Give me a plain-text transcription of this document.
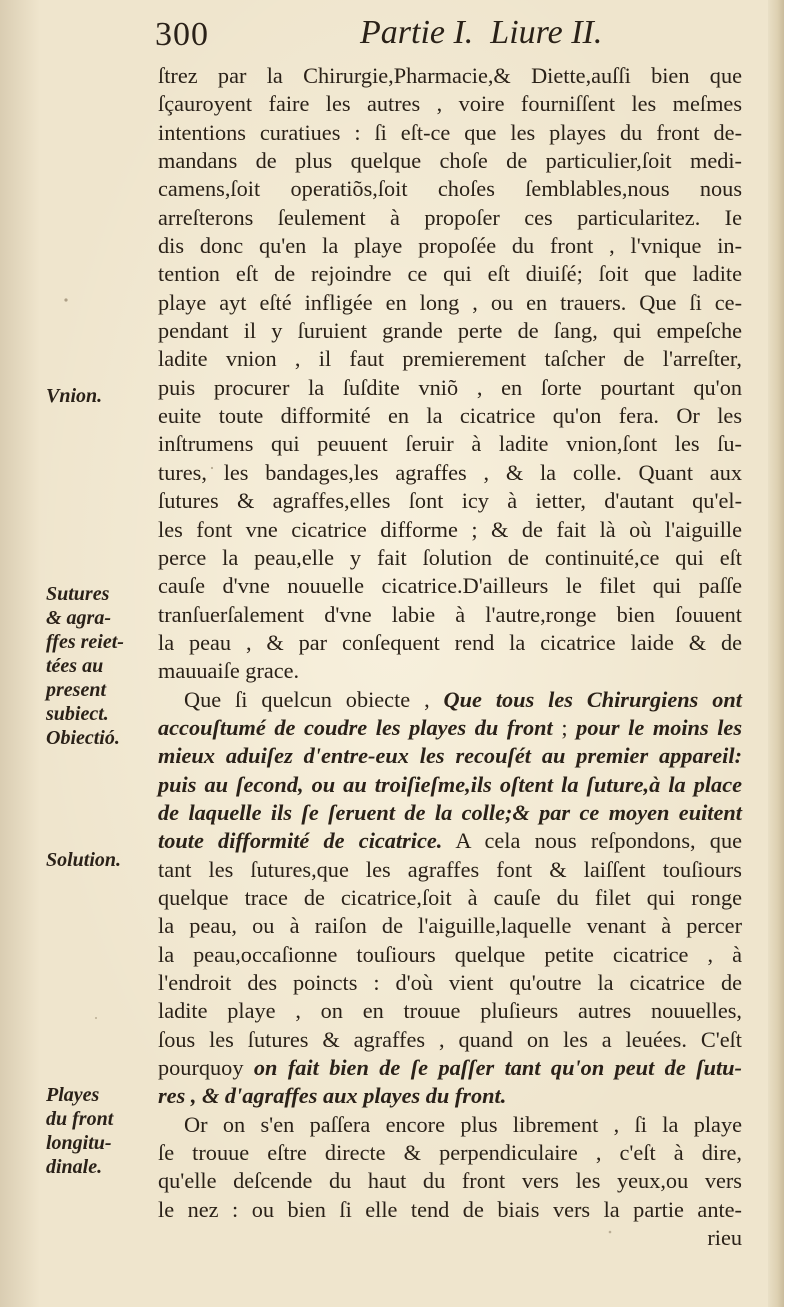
300	Partie I.  Liure II.
ſtrez par la Chirurgie,Pharmacie,& Diette,auſſi bien que
ſçauroyent faire les autres , voire fourniſſent les meſmes
intentions curatiues : ſi eſt-ce que les playes du front de-
mandans de plus quelque choſe de particulier,ſoit medi-
camens,ſoit operatiõs,ſoit choſes ſemblables,nous nous
arreſterons ſeulement à propoſer ces particularitez. Ie
dis donc qu'en la playe propoſée du front , l'vnique in-
tention eſt de rejoindre ce qui eſt diuiſé; ſoit que ladite
playe ayt eſté infligée en long , ou en trauers. Que ſi ce-
pendant il y ſuruient grande perte de ſang, qui empeſche
ladite vnion , il faut premierement taſcher de l'arreſter,
puis procurer la ſuſdite vniõ , en ſorte pourtant qu'on
euite toute difformité en la cicatrice qu'on fera. Or les
inſtrumens qui peuuent ſeruir à ladite vnion,ſont les ſu-
tures, les bandages,les agraffes , & la colle. Quant aux
ſutures & agraffes,elles ſont icy à ietter, d'autant qu'el-
les font vne cicatrice difforme ; & de fait là où l'aiguille
perce la peau,elle y fait ſolution de continuité,ce qui eſt
cauſe d'vne nouuelle cicatrice.D'ailleurs le filet qui paſſe
tranſuerſalement d'vne labie à l'autre,ronge bien ſouuent
la peau , & par conſequent rend la cicatrice laide & de
mauuaiſe grace.
Que ſi quelcun obiecte , Que tous les Chirurgiens ont
accouſtumé de coudre les playes du front ; pour le moins les
mieux aduiſez d'entre-eux les recouſét au premier appareil:
puis au ſecond, ou au troiſieſme,ils oſtent la ſuture,à la place
de laquelle ils ſe ſeruent de la colle;& par ce moyen euitent
toute difformité de cicatrice. A cela nous reſpondons, que
tant les ſutures,que les agraffes font & laiſſent touſiours
quelque trace de cicatrice,ſoit à cauſe du filet qui ronge
la peau, ou à raiſon de l'aiguille,laquelle venant à percer
la peau,occaſionne touſiours quelque petite cicatrice , à
l'endroit des poincts : d'où vient qu'outre la cicatrice de
ladite playe , on en trouue pluſieurs autres nouuelles,
ſous les ſutures & agraffes , quand on les a leuées. C'eſt
pourquoy on fait bien de ſe paſſer tant qu'on peut de ſutu-
res , & d'agraffes aux playes du front.
Or on s'en paſſera encore plus librement , ſi la playe
ſe trouue eſtre directe & perpendiculaire , c'eſt à dire,
qu'elle deſcende du haut du front vers les yeux,ou vers
le nez : ou bien ſi elle tend de biais vers la partie ante-
rieu
Vnion.
Sutures
& agra-
ffes reiet-
tées au
present
subiect.
Obiectió.
Solution.
Playes
du front
longitu-
dinale.
